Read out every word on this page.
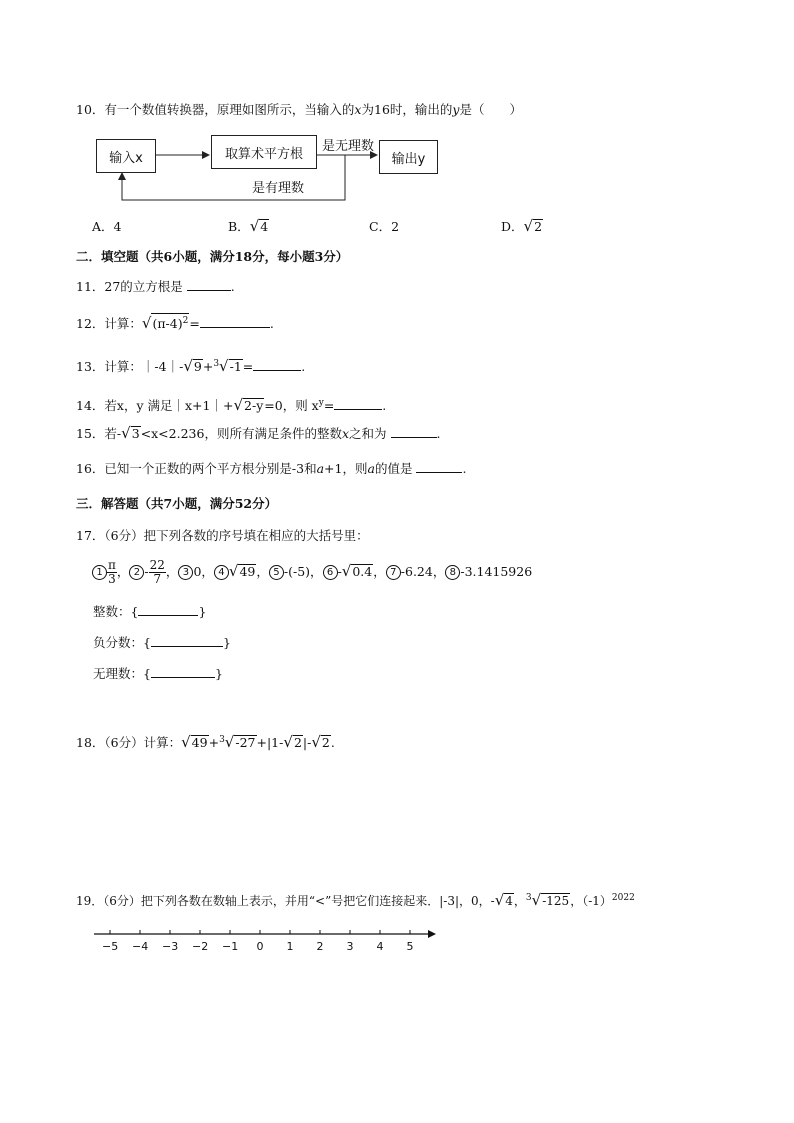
10．有一个数值转换器，原理如图所示，当输入的x为16时，输出的y是（　　）
输入x	取算术平方根	是无理数
输出y
是有理数
A．4	B．√4	C．2	D．√2
二．填空题（共6小题，满分18分，每小题3分）
11．27的立方根是	.
12．计算：$√(\pi-4)^2=$	.
13．计算：｜-4｜-√9+$^3$√-1=	.
14．若x，y 满足｜x+1｜+√2-y=0，则 $x^y=$	.
15．若-√3<x<2.236，则所有满足条件的整数x之和为	.
16．已知一个正数的两个平方根分别是-3和a+1，则a的值是	.
三．解答题（共7小题，满分52分）
17．（6分）把下列各数的序号填在相应的大括号里：
$1 \frac{\pi}{3}$ ， $2 - \frac{22}{7}$ ， 3 0， 4 √49， 5 -(-5)， 6 -√0.4， 7 -6.24， 8 -3.1415926
整数：{	}
负分数：{	}
无理数：{	}
18．（6分）计算：√49+$^3$√-27+|1-√2|-√2.
19．（6分）把下列各数在数轴上表示，并用“<”号把它们连接起来．|-3|，0，-√4，$^3$√-125，$(-1)^{2022}$
−5 −4 −3 −2 −1	0	1	2	3	4	5
